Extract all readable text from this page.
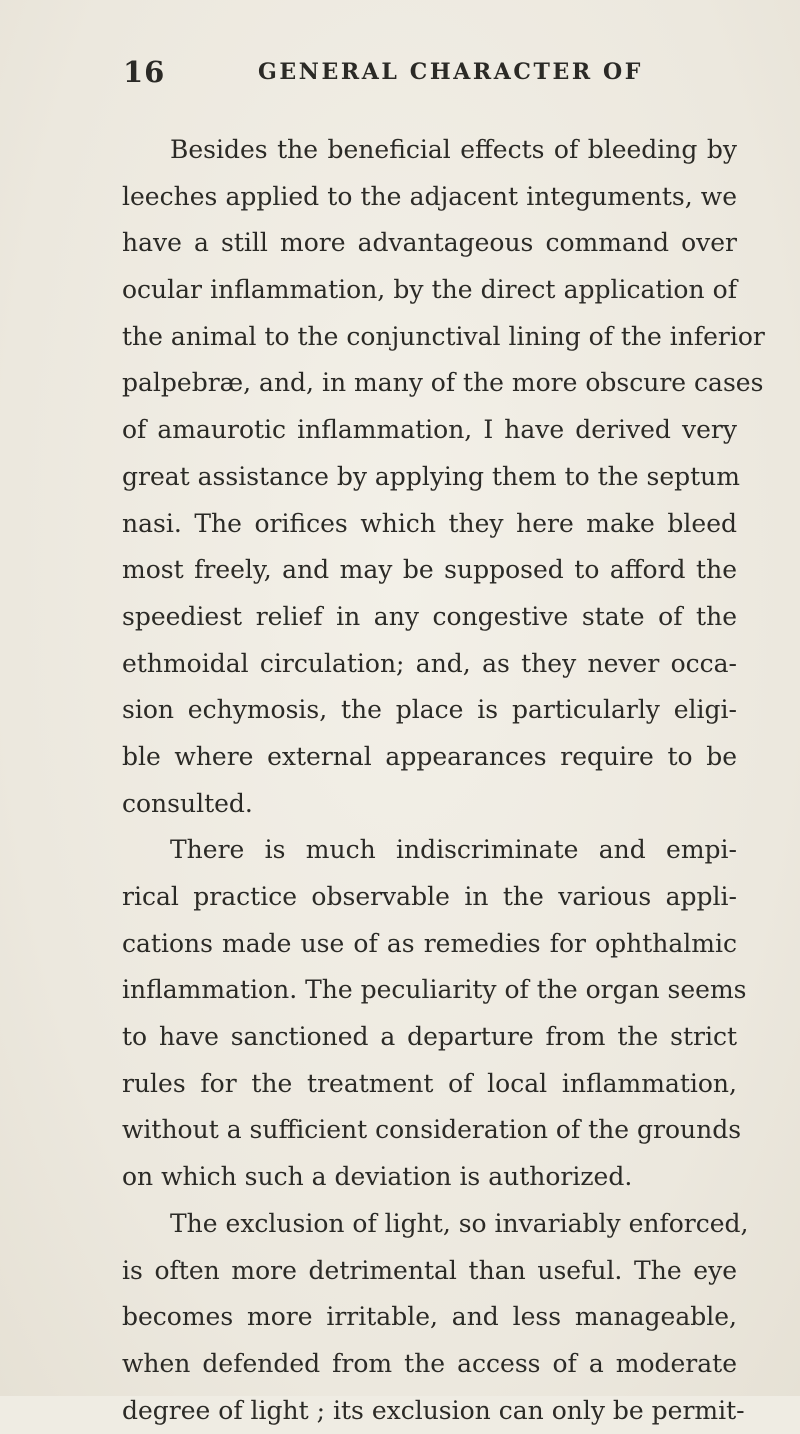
16	GENERAL CHARACTER OF
Besides the beneficial effects of bleeding by
leeches applied to the adjacent integuments, we
have a still more advantageous command over
ocular inflammation, by the direct application of
the animal to the conjunctival lining of the inferior
palpebræ, and, in many of the more obscure cases
of amaurotic inflammation, I have derived very
great assistance by applying them to the septum
nasi. The orifices which they here make bleed
most freely, and may be supposed to afford the
speediest relief in any congestive state of the
ethmoidal circulation; and, as they never occa-
sion echymosis, the place is particularly eligi-
ble where external appearances require to be
consulted.
There is much indiscriminate and empi-
rical practice observable in the various appli-
cations made use of as remedies for ophthalmic
inflammation. The peculiarity of the organ seems
to have sanctioned a departure from the strict
rules for the treatment of local inflammation,
without a sufficient consideration of the grounds
on which such a deviation is authorized.
The exclusion of light, so invariably enforced,
is often more detrimental than useful. The eye
becomes more irritable, and less manageable,
when defended from the access of a moderate
degree of light ; its exclusion can only be permit-
